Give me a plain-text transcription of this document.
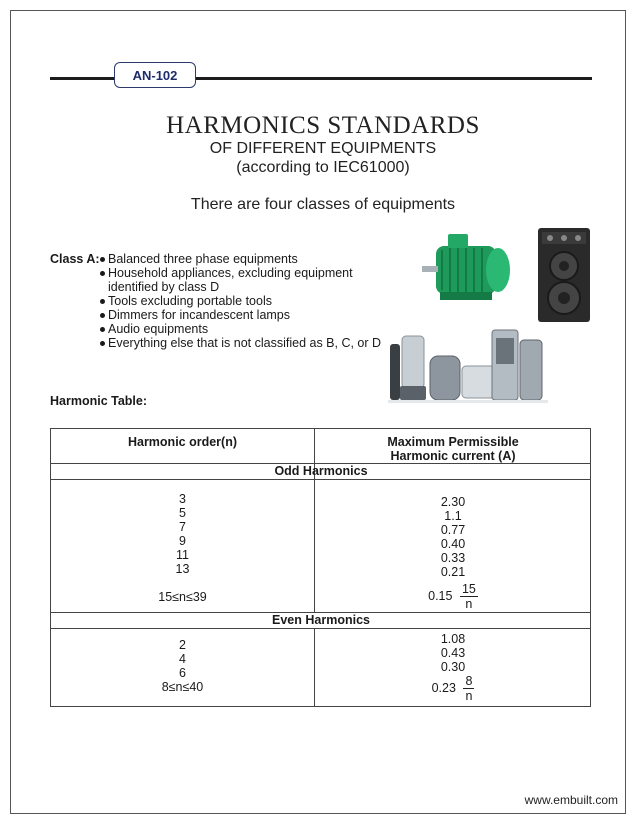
AN-102
HARMONICS STANDARDS
OF DIFFERENT EQUIPMENTS
(according to IEC61000)
There are four classes of equipments
Class A: Balanced three phase equipments
Household appliances, excluding equipment identified by class D
Tools excluding portable tools
Dimmers for incandescent lamps
Audio equipments
Everything else that is not classified as B, C, or D
Harmonic Table:
Harmonic order(n)	Maximum Permissible
Harmonic current (A)
Odd Harmonics
3
5
7
9
11
13
2.30
1.1
0.77
0.40
0.33
0.21
15≤n≤39	$0.15 \frac{15}{n}$
Even Harmonics
2
4
6
8≤n≤40
1.08
0.43
0.30
$0.23 \frac{8}{n}$
www.embuilt.com
